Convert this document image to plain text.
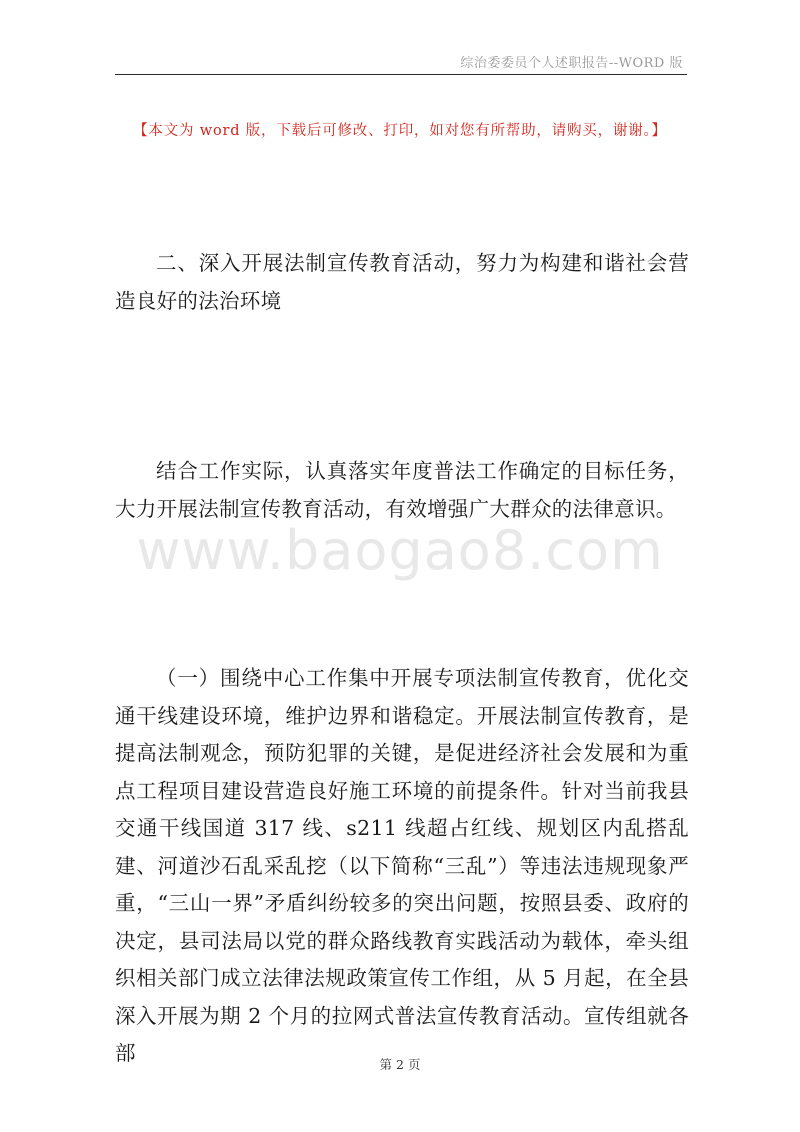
综治委委员个人述职报告--WORD 版
【本文为 word 版，下载后可修改、打印，如对您有所帮助，请购买，谢谢。】
www.baogao8.com

二、深入开展法制宣传教育活动，努力为构建和谐社会营造良好的法治环境

结合工作实际，认真落实年度普法工作确定的目标任务，大力开展法制宣传教育活动，有效增强广大群众的法律意识。

（一）围绕中心工作集中开展专项法制宣传教育，优化交通干线建设环境，维护边界和谐稳定。开展法制宣传教育，是提高法制观念，预防犯罪的关键，是促进经济社会发展和为重点工程项目建设营造良好施工环境的前提条件。针对当前我县交通干线国道 317 线、s211 线超占红线、规划区内乱搭乱建、河道沙石乱采乱挖（以下简称“三乱”）等违法违规现象严重，“三山一界”矛盾纠纷较多的突出问题，按照县委、政府的决定，县司法局以党的群众路线教育实践活动为载体，牵头组织相关部门成立法律法规政策宣传工作组，从 5 月起，在全县深入开展为期 2 个月的拉网式普法宣传教育活动。宣传组就各部	第 2 页
